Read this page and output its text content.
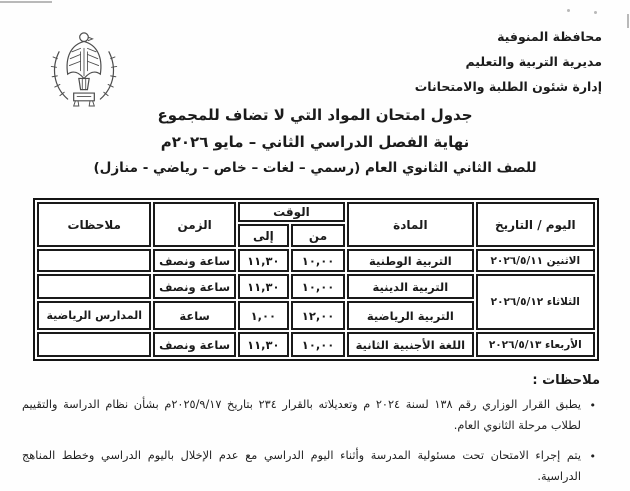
محافظة المنوفية
مديرية التربية والتعليم
إدارة شئون الطلبة والامتحانات
جدول امتحان المواد التي لا تضاف للمجموع
نهاية الفصل الدراسي الثاني – مايو ٢٠٢٦م
للصف الثاني الثانوي العام (رسمي – لغات – خاص – رياضي - منازل)
اليوم / التاريخ	المادة	الوقت		الزمن	ملاحظات
		من	إلى		
الاثنين ٢٠٢٦/٥/١١	التربية الوطنية	١٠,٠٠	١١,٣٠	ساعة ونصف	
الثلاثاء ٢٠٢٦/٥/١٢	التربية الدينية	١٠,٠٠	١١,٣٠	ساعة ونصف	
	التربية الرياضية	١٢,٠٠	١,٠٠	ساعة	المدارس الرياضية
الأربعاء ٢٠٢٦/٥/١٣	اللغة الأجنبية الثانية	١٠,٠٠	١١,٣٠	ساعة ونصف	
ملاحظات :
•
يطبق القرار الوزاري رقم ١٣٨ لسنة ٢٠٢٤ م وتعديلاته بالقرار ٢٣٤ بتاريخ ٢٠٢٥/٩/١٧م بشأن نظام الدراسة والتقييم لطلاب مرحلة الثانوي العام.
•
يتم إجراء الامتحان تحت مسئولية المدرسة وأثناء اليوم الدراسي مع عدم الإخلال باليوم الدراسي وخطط المناهج الدراسية.
